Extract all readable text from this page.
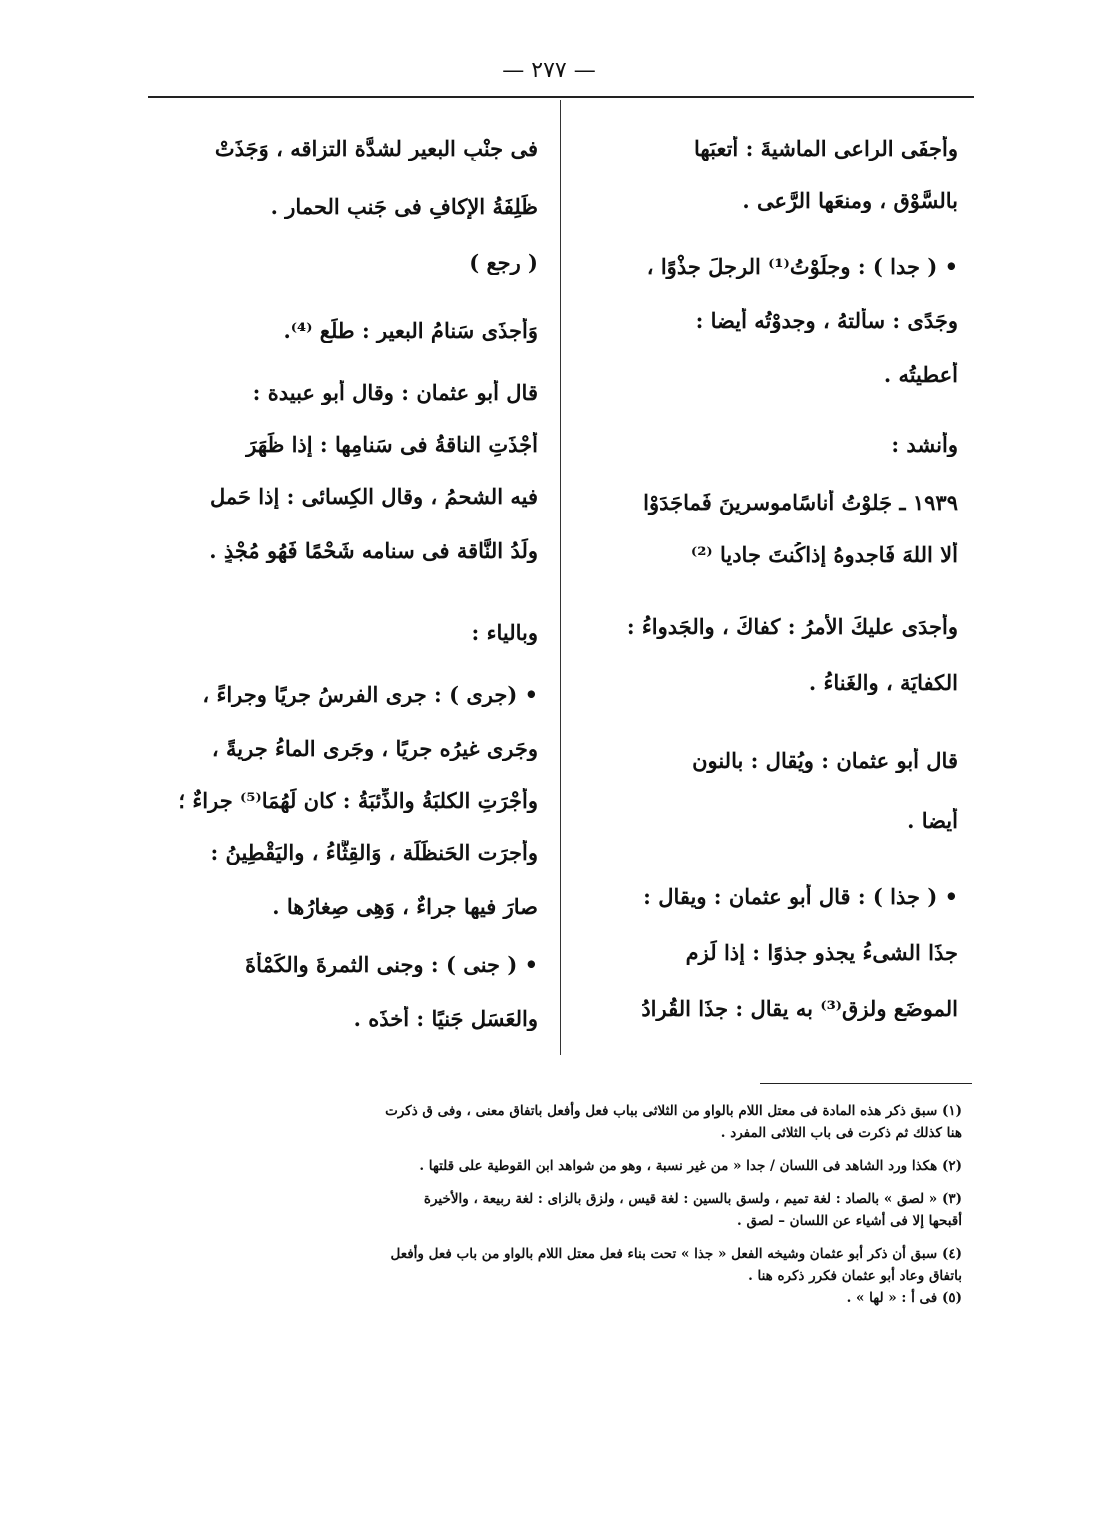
— ٢٧٧ —
وأجفَى الراعى الماشيةَ : أتعبَها
بالسَّوْق ، ومنعَها الرَّعى .
• ( جدا ) : وجلَوْتُ⁽¹⁾ الرجلَ جذْوًا ،
وجَدًى : سألتهُ ، وجدوْتُه أيضا :
أعطيتُه .
وأنشد :
١٩٣٩ ـ جَلوْتُ أناسًاموسرينَ فَماجَدَوْا
ألا اللهَ فَاجدوهُ إذاكُنتَ جاديا ⁽²⁾
وأجدَى عليكَ الأمرُ : كفاكَ ، والجَدواءُ :
الكفايَة ، والغَناءُ .
قال أبو عثمان : ويُقال : بالنون
أيضا .
• ( جذا ) : قال أبو عثمان : ويقال :
جذَا الشىءُ يجذو جذوًا : إذا لَزم
الموضَع ولزق⁽³⁾ به يقال : جذَا القُرادُ
فى جنْبِ البعير لشدَّة التزاقه ، وَجَذَتْ
ظَلِفَةُ الإكافِ فى جَنبِ الحمارِ .
( رجع )
وَأَجذَى سَنامُ البعيرِ : طلَع ⁽⁴⁾.
قال أبو عثمان : وقال أبو عبيدة :
أجْذَتِ الناقةُ فى سَنامِها : إذا ظَهَرَ
فيه الشحمُ ، وقال الكِسائى : إذا حَمل
ولَدُ النَّاقة فى سنامه شَحْمًا فَهُو مُجْذٍ .
وبالياء :
• (جرى ) : جرى الفرسُ جريًا وجراءً ،
وجَرى غيرُه جريًا ، وجَرى الماءُ جريةً ،
وأجْرَتِ الكلبَةُ والذِّئبَةُ : كان لَهُمَا⁽⁵⁾ جراءٌ ؛
وأجرَت الحَنظَلَة ، وَالقِثَّاءُ ، واليَقْطِينُ :
صارَ فيها جراءٌ ، وَهِى صِغارُها .
• ( جنى ) : وجنى الثمرةَ والكَمْأةَ
والعَسَل جَنيًا : أخذَه .
(١) سبق ذكر هذه المادة فى معتل اللام بالواو من الثلاثى بباب فعل وأفعل باتفاق معنى ، وفى ق ذكرت
هنا كذلك ثم ذكرت فى باب الثلاثى المفرد .
(٢) هكذا ورد الشاهد فى اللسان / جدا « من غير نسبة ، وهو من شواهد ابن القوطية على قلتها .
(٣) « لصق » بالصاد : لغة تميم ، ولسق بالسين : لغة قيس ، ولزق بالزاى : لغة ربيعة ، والأخيرة
أقبحها إلا فى أشياء عن اللسان – لصق .
(٤) سبق أن ذكر أبو عثمان وشيخه الفعل « جذا » تحت بناء فعل معتل اللام بالواو من باب فعل وأفعل
باتفاق وعاد أبو عثمان فكرر ذكره هنا .
(٥) فى أ : « لها » .
